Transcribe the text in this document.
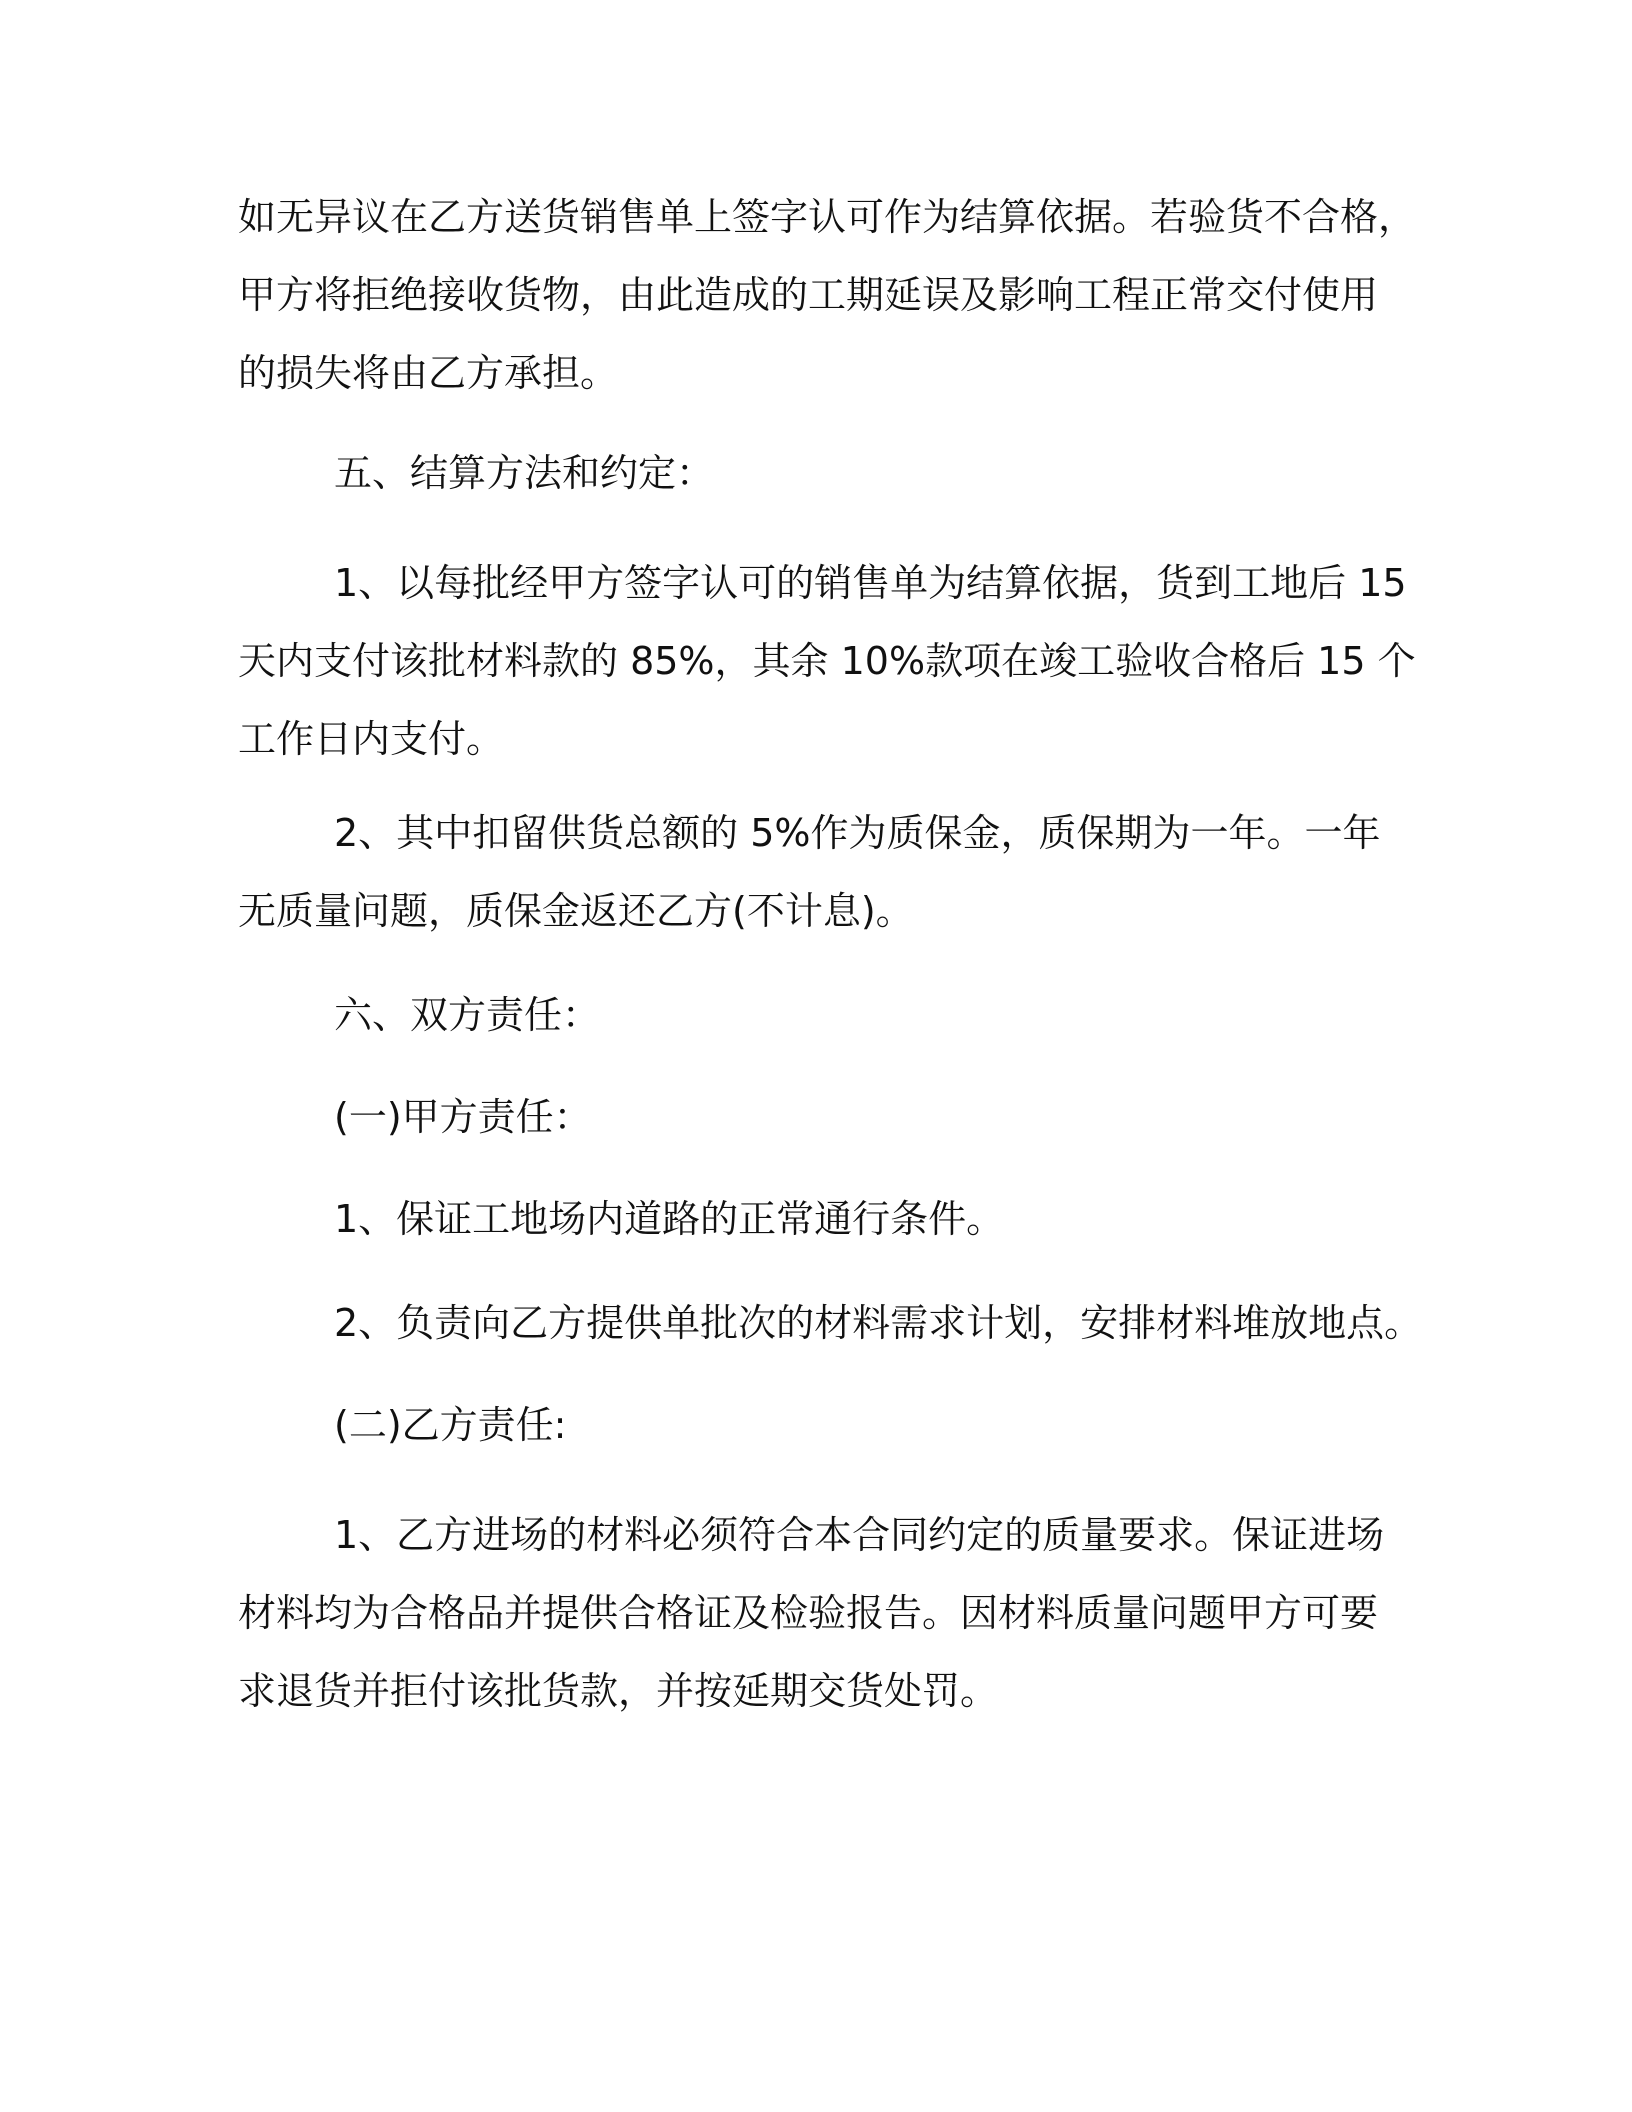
如无异议在乙方送货销售单上签字认可作为结算依据。若验货不合格，
甲方将拒绝接收货物，由此造成的工期延误及影响工程正常交付使用
的损失将由乙方承担。
五、结算方法和约定：
1、以每批经甲方签字认可的销售单为结算依据，货到工地后 15
天内支付该批材料款的 85%，其余 10%款项在竣工验收合格后 15 个
工作日内支付。
2、其中扣留供货总额的 5%作为质保金，质保期为一年。一年
无质量问题，质保金返还乙方(不计息)。
六、双方责任：
(一)甲方责任：
1、保证工地场内道路的正常通行条件。
2、负责向乙方提供单批次的材料需求计划，安排材料堆放地点。
(二)乙方责任:
1、乙方进场的材料必须符合本合同约定的质量要求。保证进场
材料均为合格品并提供合格证及检验报告。因材料质量问题甲方可要
求退货并拒付该批货款，并按延期交货处罚。
